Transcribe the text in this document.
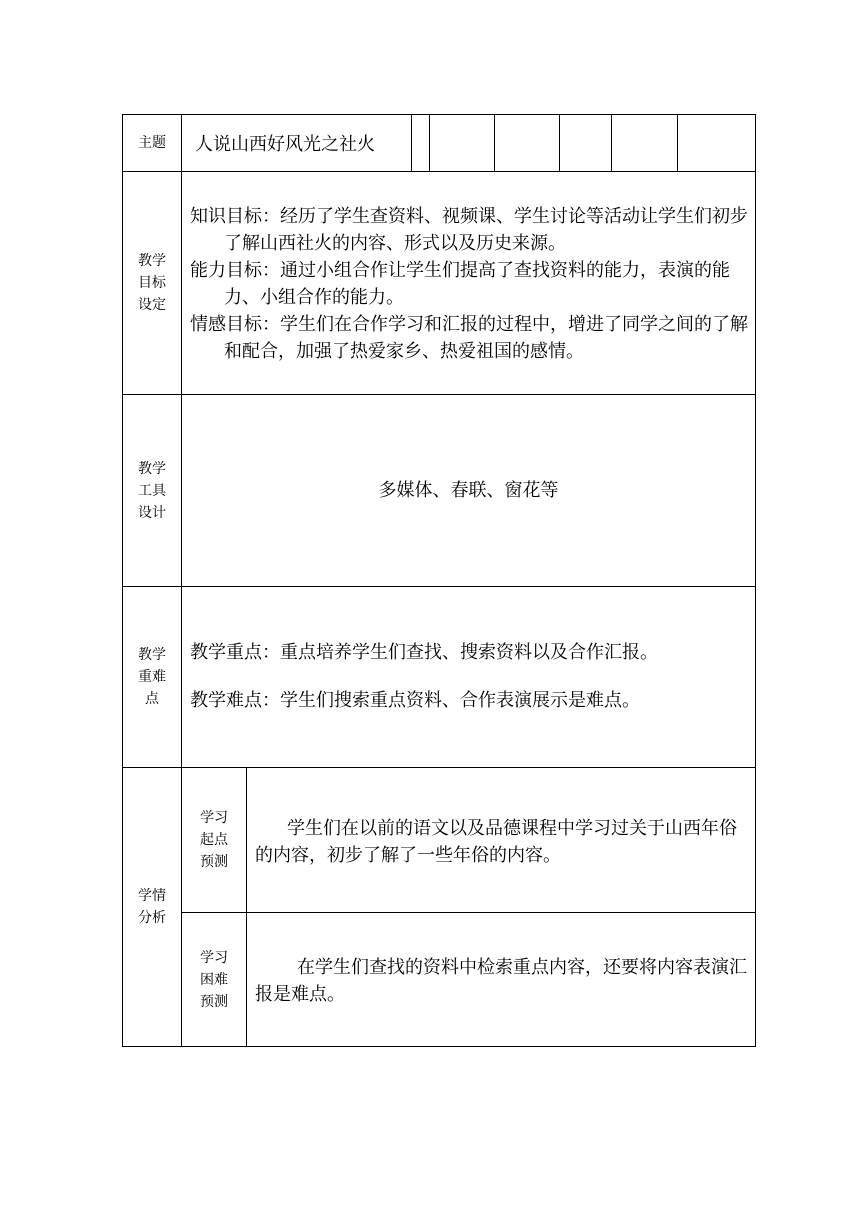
主题 人说山西好风光之社火
教学
目标
设定

知识目标：经历了学生查资料、视频课、学生讨论等活动让学生们初步了解山西社火的内容、形式以及历史来源。

能力目标：通过小组合作让学生们提高了查找资料的能力，表演的能力、小组合作的能力。

情感目标：学生们在合作学习和汇报的过程中，增进了同学之间的了解和配合，加强了热爱家乡、热爱祖国的感情。

教学
工具
设计
多媒体、春联、窗花等
教学
重难
点
教学重点：重点培养学生们查找、搜索资料以及合作汇报。
教学难点：学生们搜索重点资料、合作表演展示是难点。
学情
分析
学习
起点
预测
学生们在以前的语文以及品德课程中学习过关于山西年俗的内容，初步了解了一些年俗的内容。
学习
困难
预测
在学生们查找的资料中检索重点内容，还要将内容表演汇报是难点。
